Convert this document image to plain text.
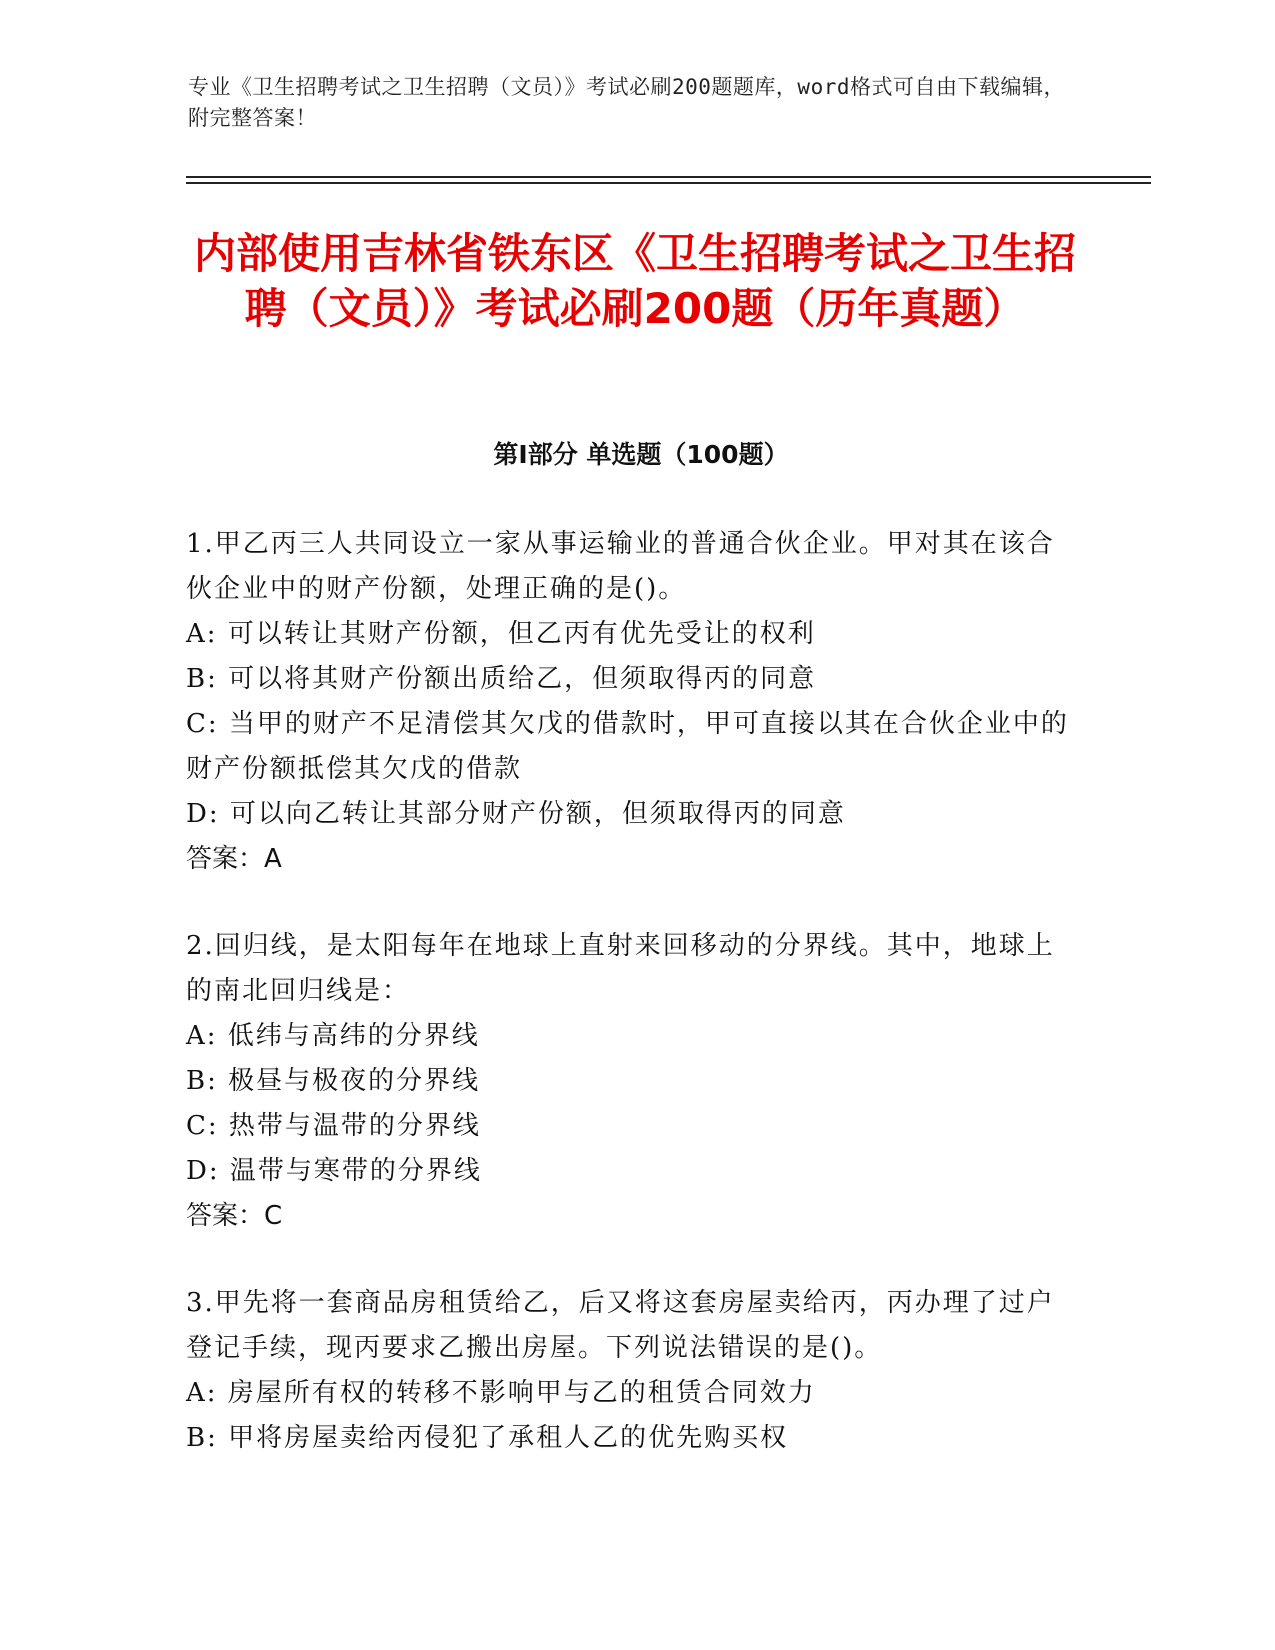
专业《卫生招聘考试之卫生招聘（文员）》考试必刷200题题库，word格式可自由下载编辑，附完整答案！
内部使用吉林省铁东区《卫生招聘考试之卫生招聘（文员）》考试必刷200题（历年真题）
第Ⅰ部分 单选题（100题）

1.甲乙丙三人共同设立一家从事运输业的普通合伙企业。甲对其在该合伙企业中的财产份额，处理正确的是()。

A: 可以转让其财产份额，但乙丙有优先受让的权利

B: 可以将其财产份额出质给乙，但须取得丙的同意

C: 当甲的财产不足清偿其欠戊的借款时，甲可直接以其在合伙企业中的财产份额抵偿其欠戊的借款

D: 可以向乙转让其部分财产份额，但须取得丙的同意

答案：A

2.回归线，是太阳每年在地球上直射来回移动的分界线。其中，地球上的南北回归线是：

A: 低纬与高纬的分界线

B: 极昼与极夜的分界线

C: 热带与温带的分界线

D: 温带与寒带的分界线

答案：C

3.甲先将一套商品房租赁给乙，后又将这套房屋卖给丙，丙办理了过户登记手续，现丙要求乙搬出房屋。下列说法错误的是()。

A: 房屋所有权的转移不影响甲与乙的租赁合同效力

B: 甲将房屋卖给丙侵犯了承租人乙的优先购买权
